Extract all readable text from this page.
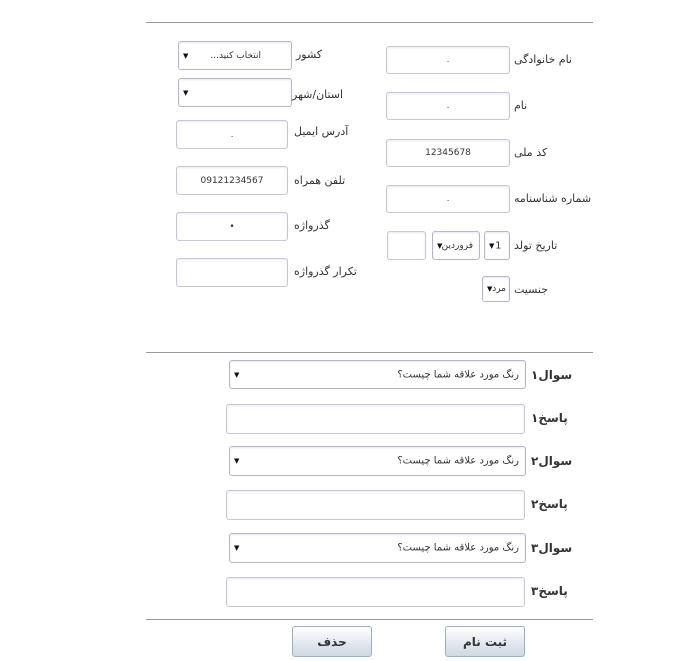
.	نام خانوادگی
.	نام
12345678	کد ملی
.	شماره شناسنامه
▼ فروردین ▼ 1 تاریخ تولد
▼ مرد جنسیت
▼ انتخاب کنید...	کشور
▼	استان/شهر
.	آدرس ایمیل
09121234567	تلفن همراه
•	گذرواژه
تکرار گذرواژه
▼	رنگ مورد علاقه شما چیست؟ سوال۱
پاسخ۱
▼	رنگ مورد علاقه شما چیست؟ سوال۲
پاسخ۲
▼	رنگ مورد علاقه شما چیست؟ سوال۳
پاسخ۳
ثبت نام
حذف
